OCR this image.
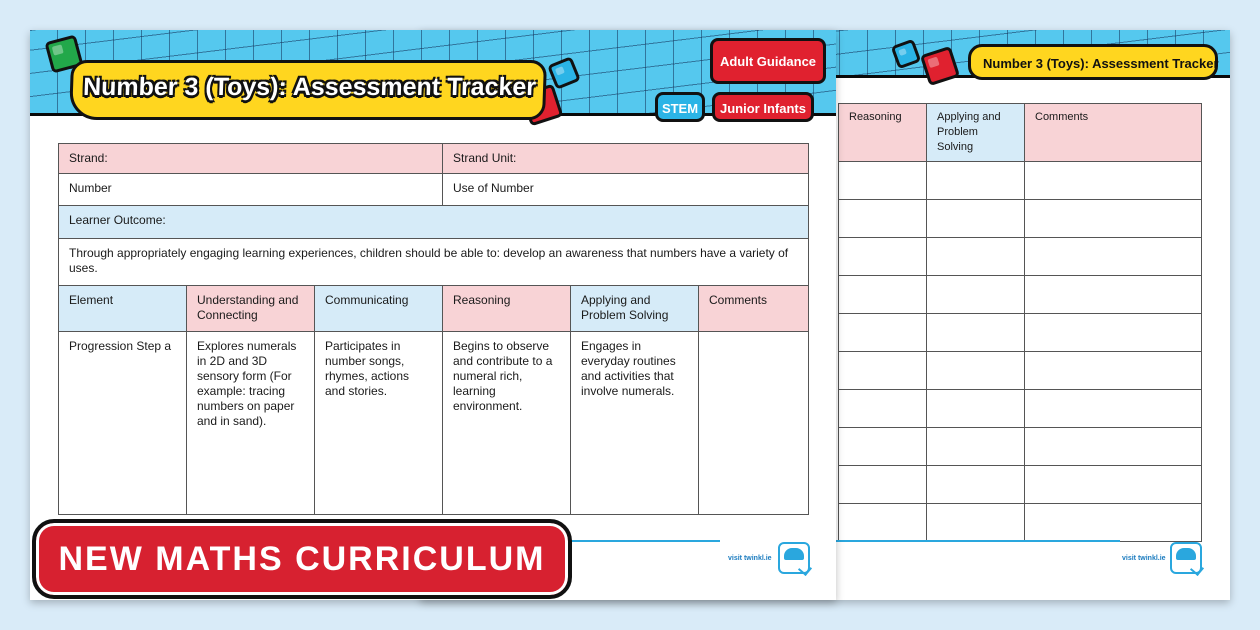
Number 3 (Toys): Assessment Tracker
Reasoning	Applying and Problem Solving	Comments

visit twinkl.ie
Number 3 (Toys): Assessment Tracker
Adult Guidance
STEM	Junior Infants
Strand:			Strand Unit:		
Number			Use of Number		
Learner Outcome:					
Through appropriately engaging learning experiences, children should be able to: develop an awareness that numbers have a variety of uses.					
Element	Understanding and Connecting	Communicating	Reasoning	Applying and Problem Solving	Comments
Progression Step a	Explores numerals in 2D and 3D sensory form (For example: tracing numbers on paper and in sand).	Participates in number songs, rhymes, actions and stories.	Begins to observe and contribute to a numeral rich, learning environment.	Engages in everyday routines and activities that involve numerals.	
visit twinkl.ie
NEW MATHS CURRICULUM
